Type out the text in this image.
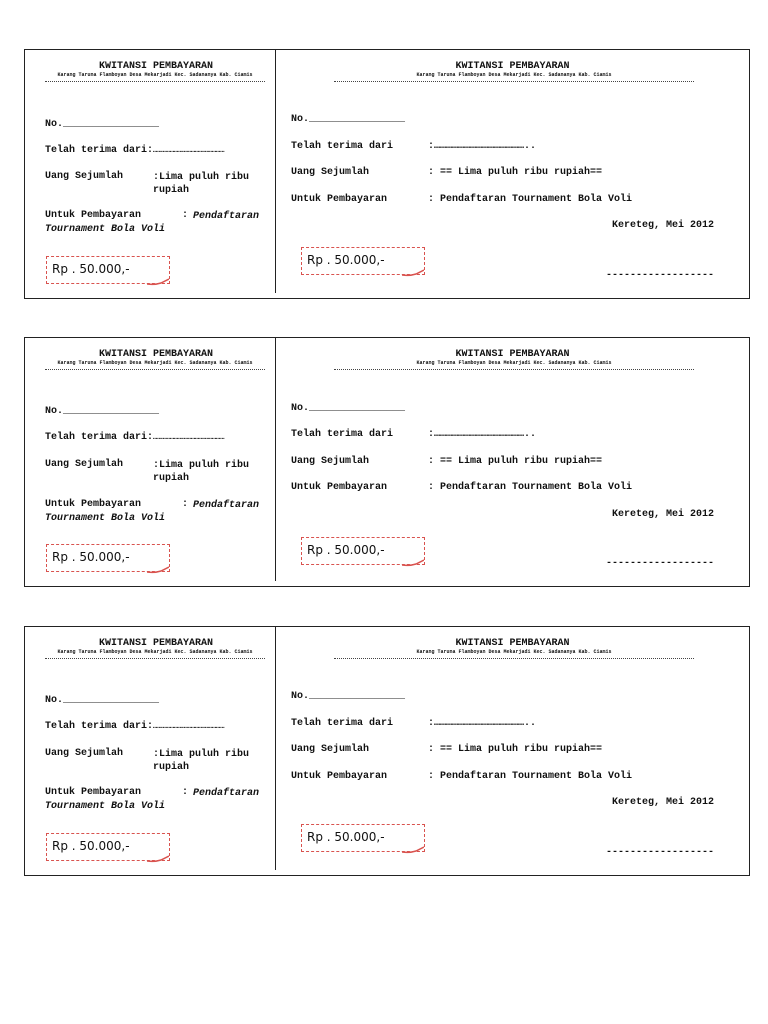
KWITANSI PEMBAYARAN
Karang Taruna Flamboyan Desa Mekarjadi Kec. Sadananya Kab. Ciamis
No.________________
Telah terima dari:……………………………………………
Uang Sejumlah	:Lima puluh ribu rupiah
Untuk Pembayaran	: Pendaftaran Tournament Bola Voli
Rp . 50.000,-
KWITANSI PEMBAYARAN
Karang Taruna Flamboyan Desa Mekarjadi Kec. Sadananya Kab. Ciamis
No.________________
Telah terima dari	:………………………………………..
Uang Sejumlah	: == Lima puluh ribu rupiah==
Untuk Pembayaran	: Pendaftaran Tournament Bola Voli
Kereteg, Mei 2012
Rp . 50.000,-
------------------
KWITANSI PEMBAYARAN
Karang Taruna Flamboyan Desa Mekarjadi Kec. Sadananya Kab. Ciamis
No.________________
Telah terima dari:……………………………………………
Uang Sejumlah	:Lima puluh ribu rupiah
Untuk Pembayaran	: Pendaftaran Tournament Bola Voli
Rp . 50.000,-
KWITANSI PEMBAYARAN
Karang Taruna Flamboyan Desa Mekarjadi Kec. Sadananya Kab. Ciamis
No.________________
Telah terima dari	:………………………………………..
Uang Sejumlah	: == Lima puluh ribu rupiah==
Untuk Pembayaran	: Pendaftaran Tournament Bola Voli
Kereteg, Mei 2012
Rp . 50.000,-
------------------
KWITANSI PEMBAYARAN
Karang Taruna Flamboyan Desa Mekarjadi Kec. Sadananya Kab. Ciamis
No.________________
Telah terima dari:……………………………………………
Uang Sejumlah	:Lima puluh ribu rupiah
Untuk Pembayaran	: Pendaftaran Tournament Bola Voli
Rp . 50.000,-
KWITANSI PEMBAYARAN
Karang Taruna Flamboyan Desa Mekarjadi Kec. Sadananya Kab. Ciamis
No.________________
Telah terima dari	:………………………………………..
Uang Sejumlah	: == Lima puluh ribu rupiah==
Untuk Pembayaran	: Pendaftaran Tournament Bola Voli
Kereteg, Mei 2012
Rp . 50.000,-
------------------
